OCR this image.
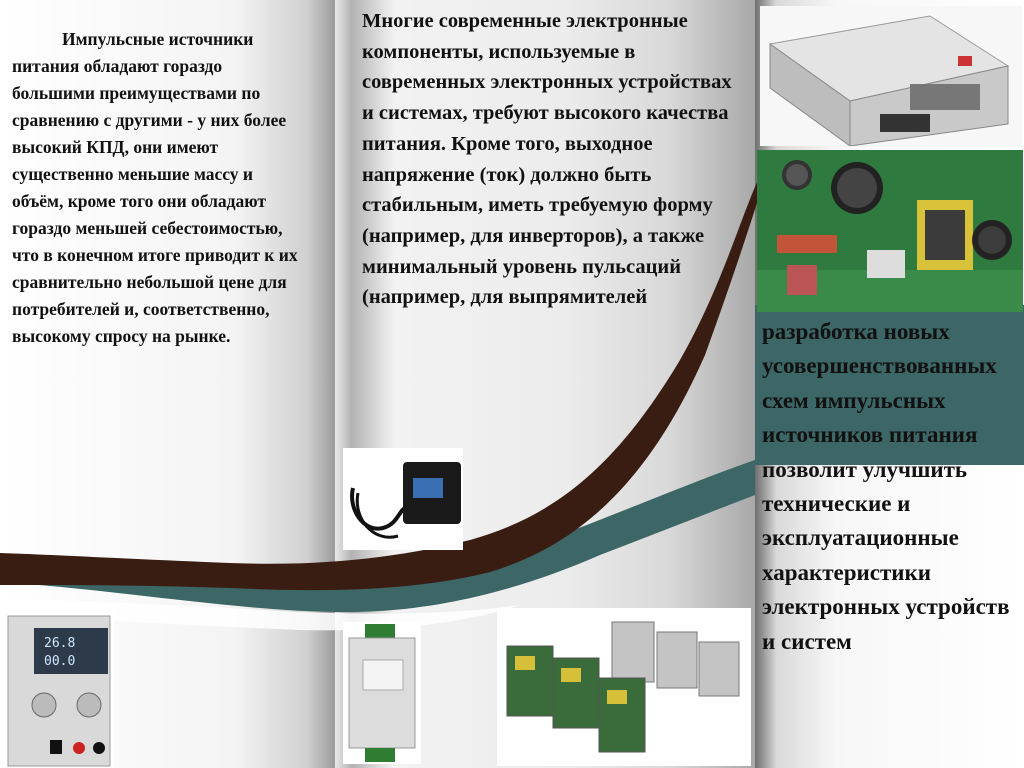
Импульсные источники питания обладают гораздо большими преимуществами по сравнению с другими - у них более высокий КПД, они имеют существенно меньшие массу и объём, кроме того они обладают гораздо меньшей себестоимостью, что в конечном итоге приводит к их сравнительно небольшой цене для потребителей и, соответственно, высокому спросу на рынке.
Многие современные электронные компоненты, используемые в современных электронных устройствах и системах, требуют высокого качества питания. Кроме того, выходное напряжение (ток) должно быть стабильным, иметь требуемую форму (например, для инверторов), а также минимальный уровень пульсаций (например, для выпрямителей
разработка новых усовершенствованных схем импульсных источников питания позволит улучшить технические и эксплуатационные характеристики электронных устройств и систем
26.8
00.0
